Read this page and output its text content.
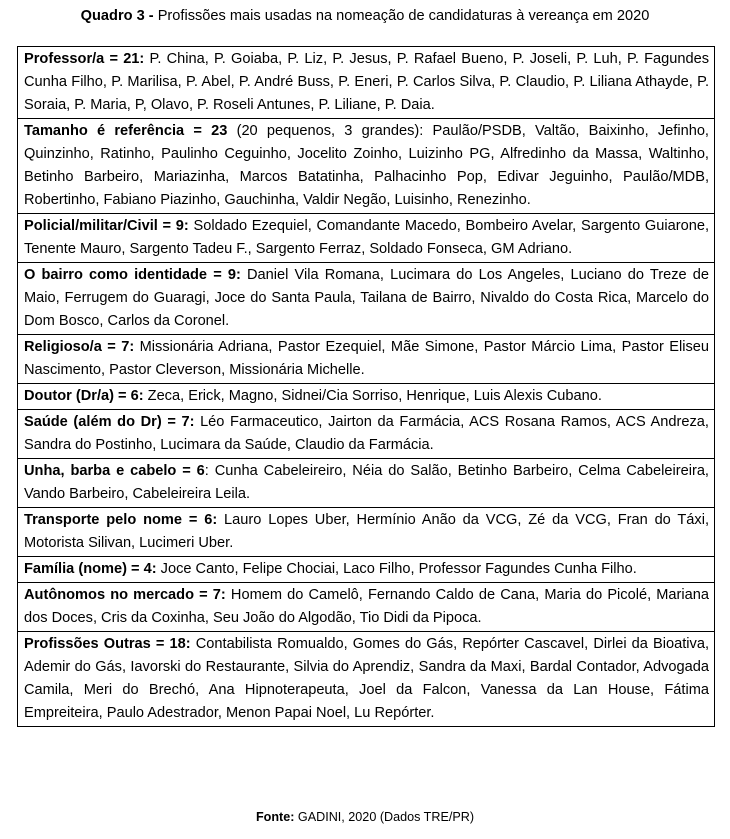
Quadro 3 - Profissões mais usadas na nomeação de candidaturas à vereança em 2020
Professor/a = 21: P. China, P. Goiaba, P. Liz, P. Jesus, P. Rafael Bueno, P. Joseli, P. Luh, P. Fagundes Cunha Filho, P. Marilisa, P. Abel, P. André Buss, P. Eneri, P. Carlos Silva, P. Claudio, P. Liliana Athayde, P. Soraia, P. Maria, P, Olavo, P. Roseli Antunes, P. Liliane, P. Daia.
Tamanho é referência = 23 (20 pequenos, 3 grandes): Paulão/PSDB, Valtão, Baixinho, Jefinho, Quinzinho, Ratinho, Paulinho Ceguinho, Jocelito Zoinho, Luizinho PG, Alfredinho da Massa, Waltinho, Betinho Barbeiro, Mariazinha, Marcos Batatinha, Palhacinho Pop, Edivar Jeguinho, Paulão/MDB, Robertinho, Fabiano Piazinho, Gauchinha, Valdir Negão, Luisinho, Renezinho.
Policial/militar/Civil = 9: Soldado Ezequiel, Comandante Macedo, Bombeiro Avelar, Sargento Guiarone, Tenente Mauro, Sargento Tadeu F., Sargento Ferraz, Soldado Fonseca, GM Adriano.
O bairro como identidade = 9: Daniel Vila Romana, Lucimara do Los Angeles, Luciano do Treze de Maio, Ferrugem do Guaragi, Joce do Santa Paula, Tailana de Bairro, Nivaldo do Costa Rica, Marcelo do Dom Bosco, Carlos da Coronel.
Religioso/a = 7: Missionária Adriana, Pastor Ezequiel, Mãe Simone, Pastor Márcio Lima, Pastor Eliseu Nascimento, Pastor Cleverson, Missionária Michelle.
Doutor (Dr/a) = 6: Zeca, Erick, Magno, Sidnei/Cia Sorriso, Henrique, Luis Alexis Cubano.
Saúde (além do Dr) = 7: Léo Farmaceutico, Jairton da Farmácia, ACS Rosana Ramos, ACS Andreza, Sandra do Postinho, Lucimara da Saúde, Claudio da Farmácia.
Unha, barba e cabelo = 6: Cunha Cabeleireiro, Néia do Salão, Betinho Barbeiro, Celma Cabeleireira, Vando Barbeiro, Cabeleireira Leila.
Transporte pelo nome = 6: Lauro Lopes Uber, Hermínio Anão da VCG, Zé da VCG, Fran do Táxi, Motorista Silivan, Lucimeri Uber.
Família (nome) = 4: Joce Canto, Felipe Chociai, Laco Filho, Professor Fagundes Cunha Filho.
Autônomos no mercado = 7: Homem do Camelô, Fernando Caldo de Cana, Maria do Picolé, Mariana dos Doces, Cris da Coxinha, Seu João do Algodão, Tio Didi da Pipoca.
Profissões Outras = 18: Contabilista Romualdo, Gomes do Gás, Repórter Cascavel, Dirlei da Bioativa, Ademir do Gás, Iavorski do Restaurante, Silvia do Aprendiz, Sandra da Maxi, Bardal Contador, Advogada Camila, Meri do Brechó, Ana Hipnoterapeuta, Joel da Falcon, Vanessa da Lan House, Fátima Empreiteira, Paulo Adestrador, Menon Papai Noel, Lu Repórter.
Fonte: GADINI, 2020 (Dados TRE/PR)
